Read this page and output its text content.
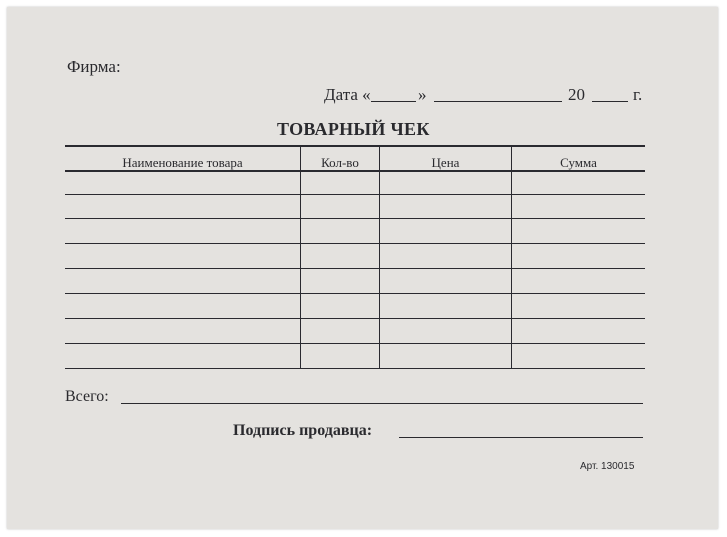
Фирма:
Дата «	»	20	г.
ТОВАРНЫЙ ЧЕК
Наименование товара	Кол-во	Цена	Сумма
Всего:
Подпись продавца:
Арт. 130015
